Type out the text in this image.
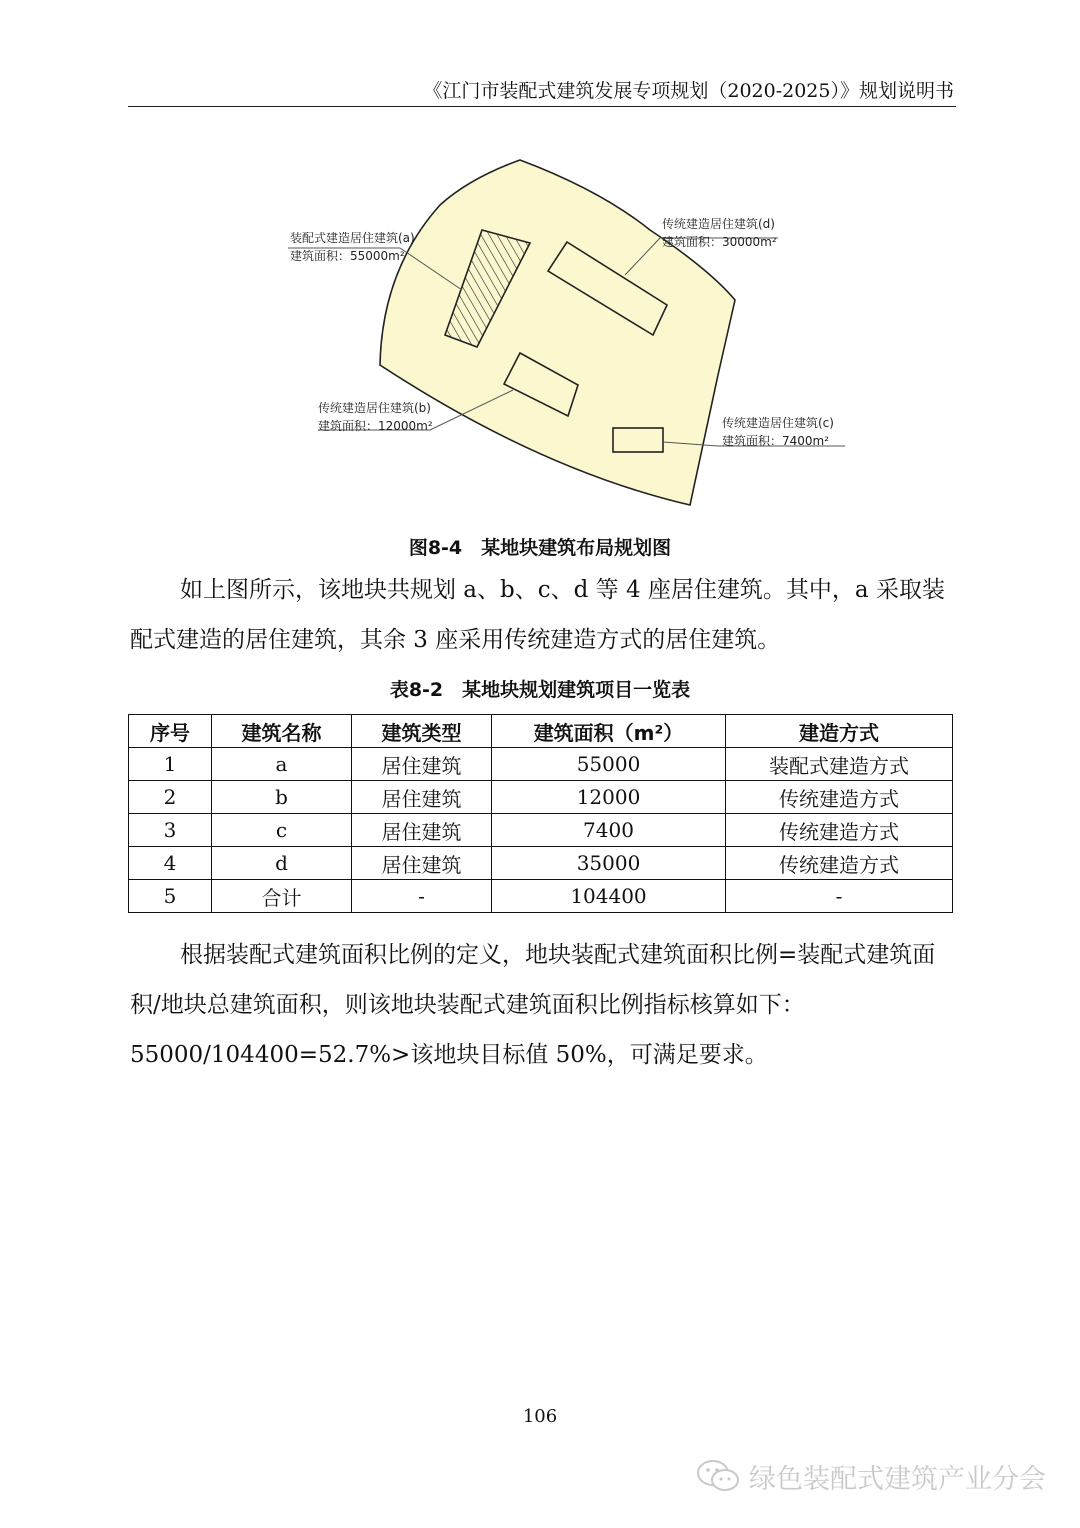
《江门市装配式建筑发展专项规划（2020-2025）》规划说明书
装配式建造居住建筑(a)
建筑面积：55000m²
传统建造居住建筑(d)
建筑面积：30000m²
传统建造居住建筑(b)
建筑面积：12000m²	传统建造居住建筑(c)
建筑面积：7400m²
图8-4　某地块建筑布局规划图

如上图所示，该地块共规划 a、b、c、d 等 4 座居住建筑。其中，a 采取装配式建造的居住建筑，其余 3 座采用传统建造方式的居住建筑。

表8-2　某地块规划建筑项目一览表
序号	建筑名称	建筑类型	建筑面积（m²）	建造方式
1	a	居住建筑	55000	装配式建造方式
2	b	居住建筑	12000	传统建造方式
3	c	居住建筑	7400	传统建造方式
4	d	居住建筑	35000	传统建造方式
5	合计	-	104400	-

根据装配式建筑面积比例的定义，地块装配式建筑面积比例=装配式建筑面积/地块总建筑面积，则该地块装配式建筑面积比例指标核算如下：55000/104400=52.7%>该地块目标值 50%，可满足要求。

106
绿色装配式建筑产业分会
